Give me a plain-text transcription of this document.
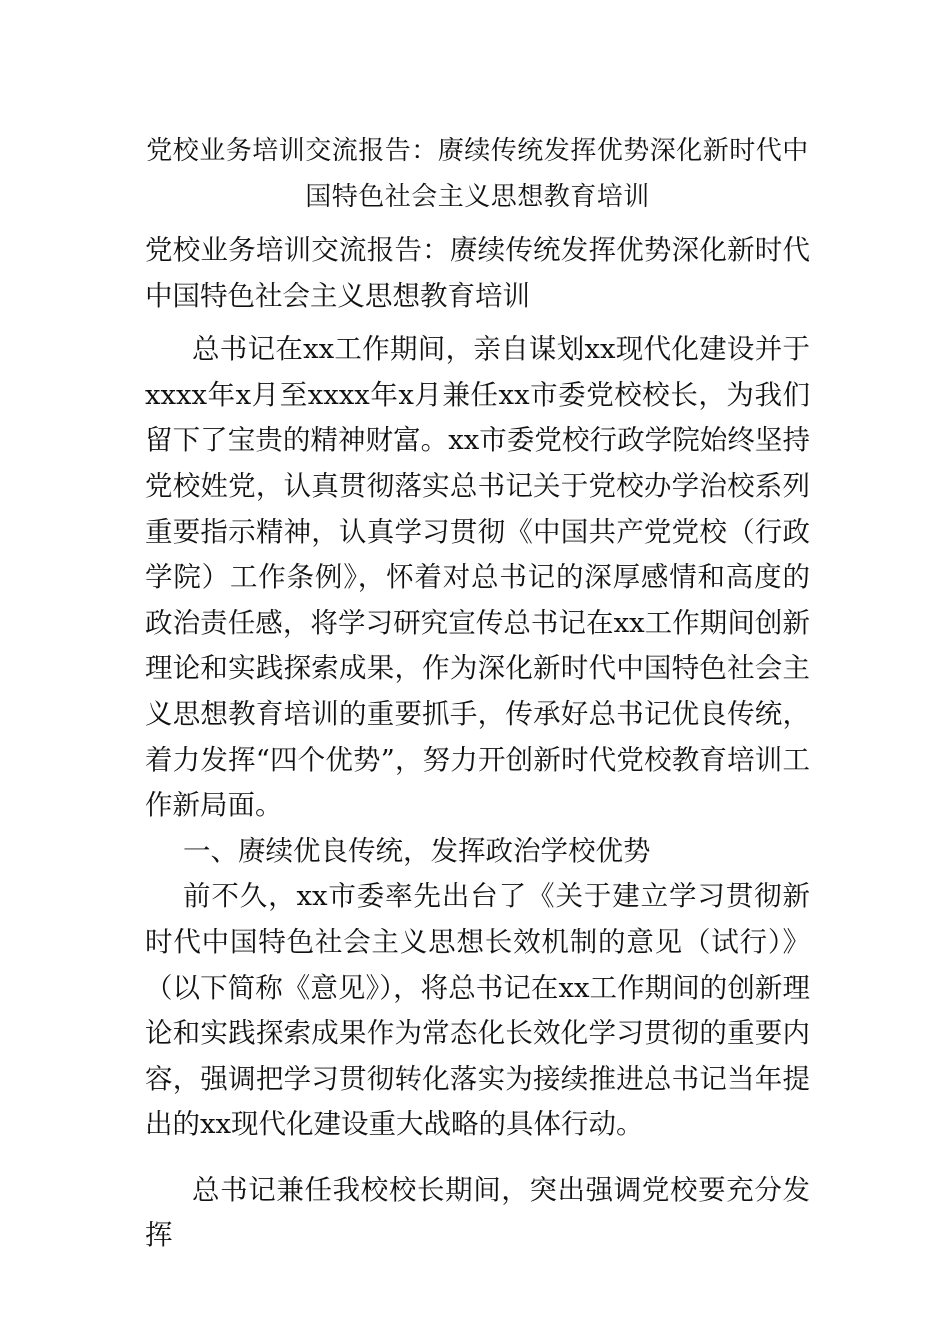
党校业务培训交流报告：赓续传统发挥优势深化新时代中国特色社会主义思想教育培训

党校业务培训交流报告：赓续传统发挥优势深化新时代中国特色社会主义思想教育培训

总书记在xx工作期间，亲自谋划xx现代化建设并于xxxx年x月至xxxx年x月兼任xx市委党校校长，为我们留下了宝贵的精神财富。xx市委党校行政学院始终坚持党校姓党，认真贯彻落实总书记关于党校办学治校系列重要指示精神，认真学习贯彻《中国共产党党校（行政学院）工作条例》，怀着对总书记的深厚感情和高度的政治责任感，将学习研究宣传总书记在xx工作期间创新理论和实践探索成果，作为深化新时代中国特色社会主义思想教育培训的重要抓手，传承好总书记优良传统，着力发挥“四个优势”，努力开创新时代党校教育培训工作新局面。

一、赓续优良传统，发挥政治学校优势

前不久，xx市委率先出台了《关于建立学习贯彻新时代中国特色社会主义思想长效机制的意见（试行）》（以下简称《意见》），将总书记在xx工作期间的创新理论和实践探索成果作为常态化长效化学习贯彻的重要内容，强调把学习贯彻转化落实为接续推进总书记当年提出的xx现代化建设重大战略的具体行动。

总书记兼任我校校长期间，突出强调党校要充分发挥
